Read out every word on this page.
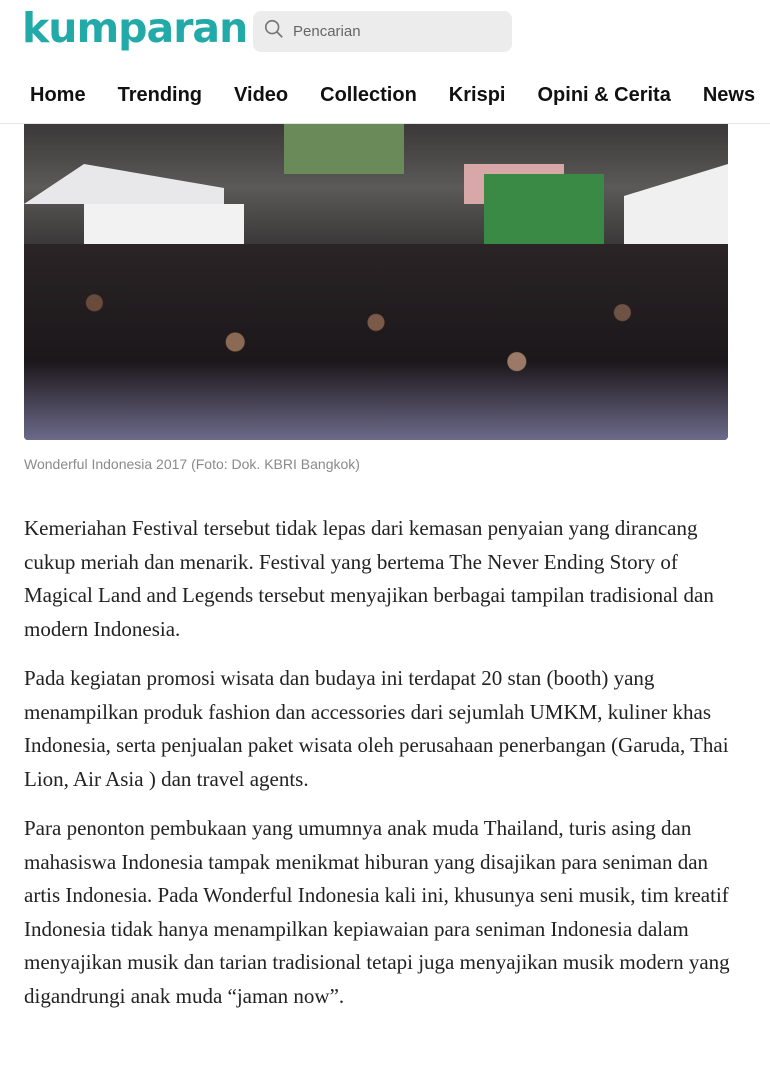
kumparan
Pencarian
Home Trending Video Collection Krispi Opini & Cerita News
Wonderful Indonesia 2017 (Foto: Dok. KBRI Bangkok)

Kemeriahan Festival tersebut tidak lepas dari kemasan penyaian yang dirancang cukup meriah dan menarik. Festival yang bertema The Never Ending Story of Magical Land and Legends tersebut menyajikan berbagai tampilan tradisional dan modern Indonesia.

Pada kegiatan promosi wisata dan budaya ini terdapat 20 stan (booth) yang menampilkan produk fashion dan accessories dari sejumlah UMKM, kuliner khas Indonesia, serta penjualan paket wisata oleh perusahaan penerbangan (Garuda, Thai Lion, Air Asia ) dan travel agents.

Para penonton pembukaan yang umumnya anak muda Thailand, turis asing dan mahasiswa Indonesia tampak menikmat hiburan yang disajikan para seniman dan artis Indonesia. Pada Wonderful Indonesia kali ini, khusunya seni musik, tim kreatif Indonesia tidak hanya menampilkan kepiawaian para seniman Indonesia dalam menyajikan musik dan tarian tradisional tetapi juga menyajikan musik modern yang digandrungi anak muda “jaman now”.
